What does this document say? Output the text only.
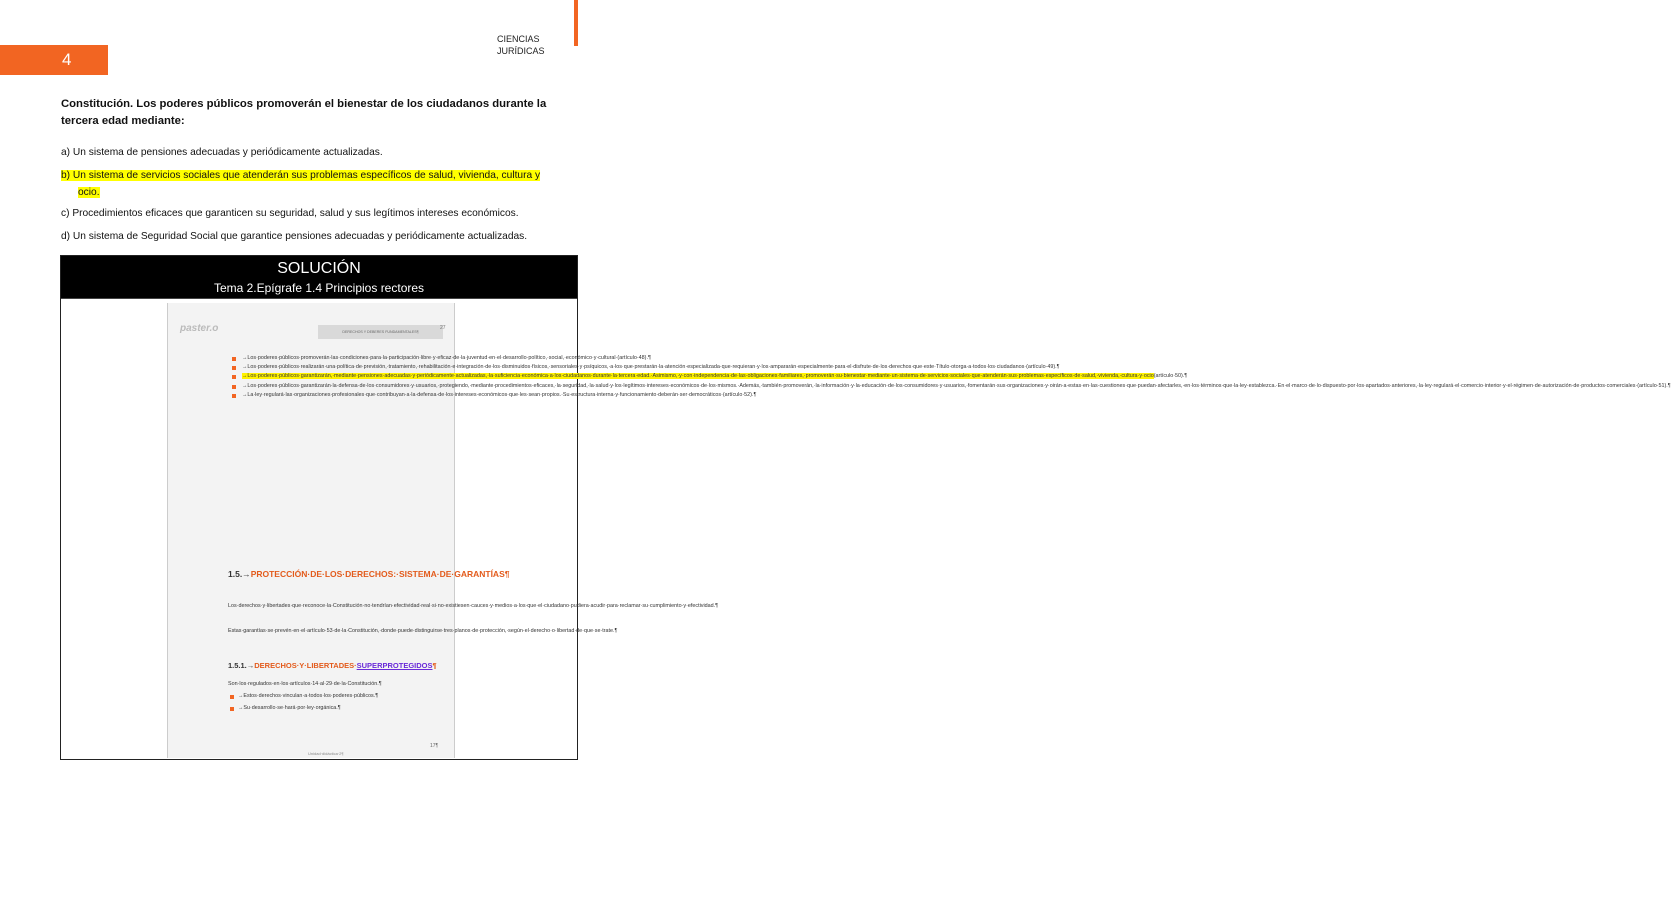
4
CIENCIAS
JURÍDICAS
Constitución. Los poderes públicos promoverán el bienestar de los ciudadanos durante la tercera edad mediante:
a) Un sistema de pensiones adecuadas y periódicamente actualizadas.
b) Un sistema de servicios sociales que atenderán sus problemas específicos de salud, vivienda, cultura y
ocio.
c) Procedimientos eficaces que garanticen su seguridad, salud y sus legítimos intereses económicos.
d) Un sistema de Seguridad Social que garantice pensiones adecuadas y periódicamente actualizadas.
SOLUCIÓN
Tema 2.Epígrafe 1.4 Principios rectores
paster.o	DERECHOS Y DEBERES FUNDAMENTALES¶
27
→Los·poderes·públicos·promoverán·las·condiciones·para·la·participación·libre·y·eficaz·de·la·juventud·en·el·desarrollo·político,·social,·económico·y·cultural·(artículo·48).¶
→Los·poderes·públicos·realizarán·una·política·de·previsión,·tratamiento,·rehabilitación·e·integración·de·los·disminuidos·físicos,·sensoriales·y·psíquicos,·a·los·que·prestarán·la·atención·especializada·que·requieran·y·los·ampararán·especialmente·para·el·disfrute·de·los·derechos·que·este·Título·otorga·a·todos·los·ciudadanos·(artículo·49).¶
→Los·poderes·públicos·garantizarán,·mediante·pensiones·adecuadas·y·periódicamente·actualizadas,·la·suficiencia·económica·a·los·ciudadanos·durante·la·tercera·edad.·Asimismo,·y·con·independencia·de·las·obligaciones·familiares,·promoverán·su·bienestar·mediante·un·sistema·de·servicios·sociales·que·atenderán·sus·problemas·específicos·de·salud,·vivienda,·cultura·y·ocio(artículo·50).¶
→Los·poderes·públicos·garantizarán·la·defensa·de·los·consumidores·y·usuarios,·protegiendo,·mediante·procedimientos·eficaces,·la·seguridad,·la·salud·y·los·legítimos·intereses·económicos·de·los·mismos.·Además,·también·promoverán,·la·información·y·la·educación·de·los·consumidores·y·usuarios,·fomentarán·sus·organizaciones·y·oirán·a·estas·en·las·cuestiones·que·puedan·afectarles,·en·los·términos·que·la·ley·establezca.·En·el·marco·de·lo·dispuesto·por·los·apartados·anteriores,·la·ley·regulará·el·comercio·interior·y·el·régimen·de·autorización·de·productos·comerciales·(artículo·51).¶
→La·ley·regulará·las·organizaciones·profesionales·que·contribuyan·a·la·defensa·de·los·intereses·económicos·que·les·sean·propios.·Su·estructura·interna·y·funcionamiento·deberán·ser·democráticos·(artículo·52).¶
1.5.→PROTECCIÓN·DE·LOS·DERECHOS:·SISTEMA·DE·GARANTÍAS¶
Los·derechos·y·libertades·que·reconoce·la·Constitución·no·tendrían·efectividad·real·si·no·existiesen·cauces·y·medios·a·los·que·el·ciudadano·pudiera·acudir·para·reclamar·su·cumplimiento·y·efectividad.¶
Estas·garantías·se·prevén·en·el·artículo·53·de·la·Constitución,·donde·puede·distinguirse·tres·planos·de·protección,·según·el·derecho·o·libertad·de·que·se·trate.¶
1.5.1.→DERECHOS·Y·LIBERTADES·SUPERPROTEGIDOS¶
Son·los·regulados·en·los·artículos·14·al·29·de·la·Constitución.¶
→Estos·derechos·vinculan·a·todos·los·poderes·públicos.¶
→Su·desarrollo·se·hará·por·ley·orgánica.¶
Unidad·didáctica·2¶
17¶
